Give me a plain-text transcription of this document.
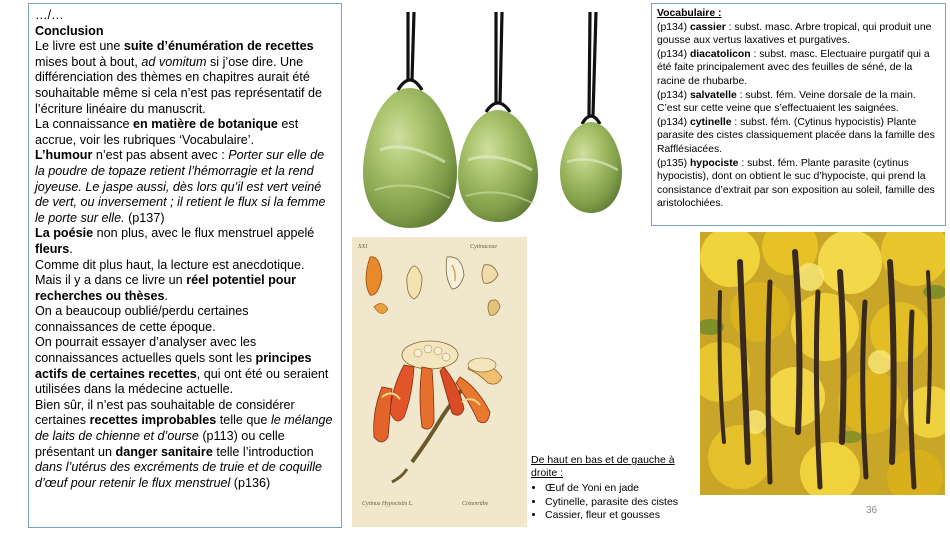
…/…

Conclusion

Le livre est une suite d’énumération de recettes mises bout à bout, ad vomitum si j’ose dire. Une différenciation des thèmes en chapitres aurait été souhaitable même si cela n’est pas représentatif de l’écriture linéaire du manuscrit.

La connaissance en matière de botanique est accrue, voir les rubriques ‘Vocabulaire’.

L’humour n’est pas absent avec : Porter sur elle de la poudre de topaze retient l’hémorragie et la rend joyeuse. Le jaspe aussi, dès lors qu’il est vert veiné de vert, ou inversement ; il retient le flux si la femme le porte sur elle. (p137)

La poésie non plus, avec le flux menstruel appelé fleurs.

Comme dit plus haut, la lecture est anecdotique.

Mais il y a dans ce livre un réel potentiel pour recherches ou thèses.

On a beaucoup oublié/perdu certaines connaissances de cette époque.

On pourrait essayer d’analyser avec les connaissances actuelles quels sont les principes actifs de certaines recettes, qui ont été ou seraient utilisées dans la médecine actuelle.

Bien sûr, il n’est pas souhaitable de considérer certaines recettes improbables telle que le mélange de laits de chienne et d’ourse (p113) ou celle présentant un danger sanitaire telle l’introduction dans l’utérus des excréments de truie et de coquille d’œuf pour retenir le flux menstruel (p136)

Vocabulaire :

(p134) cassier : subst. masc. Arbre tropical, qui produit une gousse aux vertus laxatives et purgatives.

(p134) diacatolicon : subst. masc. Electuaire purgatif qui a été faite principalement avec des feuilles de séné, de la racine de rhubarbe.

(p134) salvatelle : subst. fém. Veine dorsale de la main. C’est sur cette veine que s’effectuaient les saignées.

(p134) cytinelle : subst. fém. (Cytinus hypocistis) Plante parasite des cistes classiquement placée dans la famille des Rafflésiacées.

(p135) hypociste : subst. fém. Plante parasite (cytinus hypocistis), dont on obtient le suc d’hypociste, qui prend la consistance d’extrait par son exposition au soleil, famille des aristolochiées.

XXI	Cytinaceae
Cytinus Hypocistis L.	Cistenrübe
De haut en bas et de gauche à droite :
• Œuf de Yoni en jade
• Cytinelle, parasite des cistes
• Cassier, fleur et gousses	36
